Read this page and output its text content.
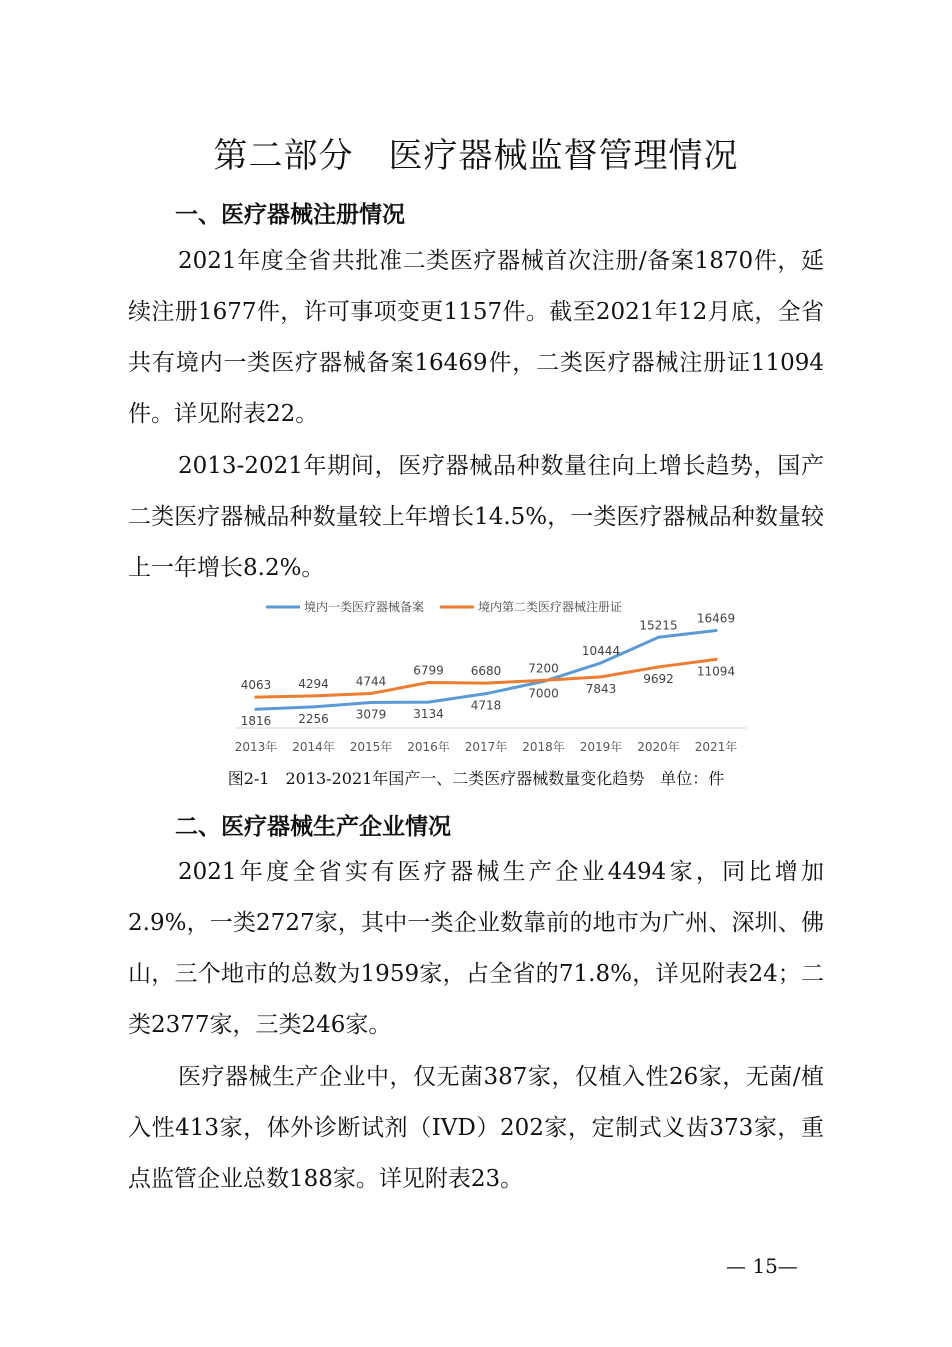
第二部分　医疗器械监督管理情况
一、医疗器械注册情况

2021年度全省共批准二类医疗器械首次注册/备案1870件，延续注册1677件，许可事项变更1157件。截至2021年12月底，全省共有境内一类医疗器械备案16469件，二类医疗器械注册证11094件。详见附表22。

2013-2021年期间，医疗器械品种数量往向上增长趋势，国产二类医疗器械品种数量较上年增长14.5%，一类医疗器械品种数量较上一年增长8.2%。

境内一类医疗器械备案	境内第二类医疗器械注册证
2013年 2014年 2015年 2016年 2017年 2018年 2019年 2020年 2021年
1816 2256 3079 3134
4718
7000
10444
15215 16469
4063 4294 4744
6799 6680 7200
7843
9692
11094
图2-1　2013-2021年国产一、二类医疗器械数量变化趋势　单位：件
二、医疗器械生产企业情况

2021年度全省实有医疗器械生产企业4494家，同比增加2.9%，一类2727家，其中一类企业数靠前的地市为广州、深圳、佛山，三个地市的总数为1959家，占全省的71.8%，详见附表24；二类2377家，三类246家。

医疗器械生产企业中，仅无菌387家，仅植入性26家，无菌/植入性413家，体外诊断试剂（IVD）202家，定制式义齿373家，重点监管企业总数188家。详见附表23。

— 15—
